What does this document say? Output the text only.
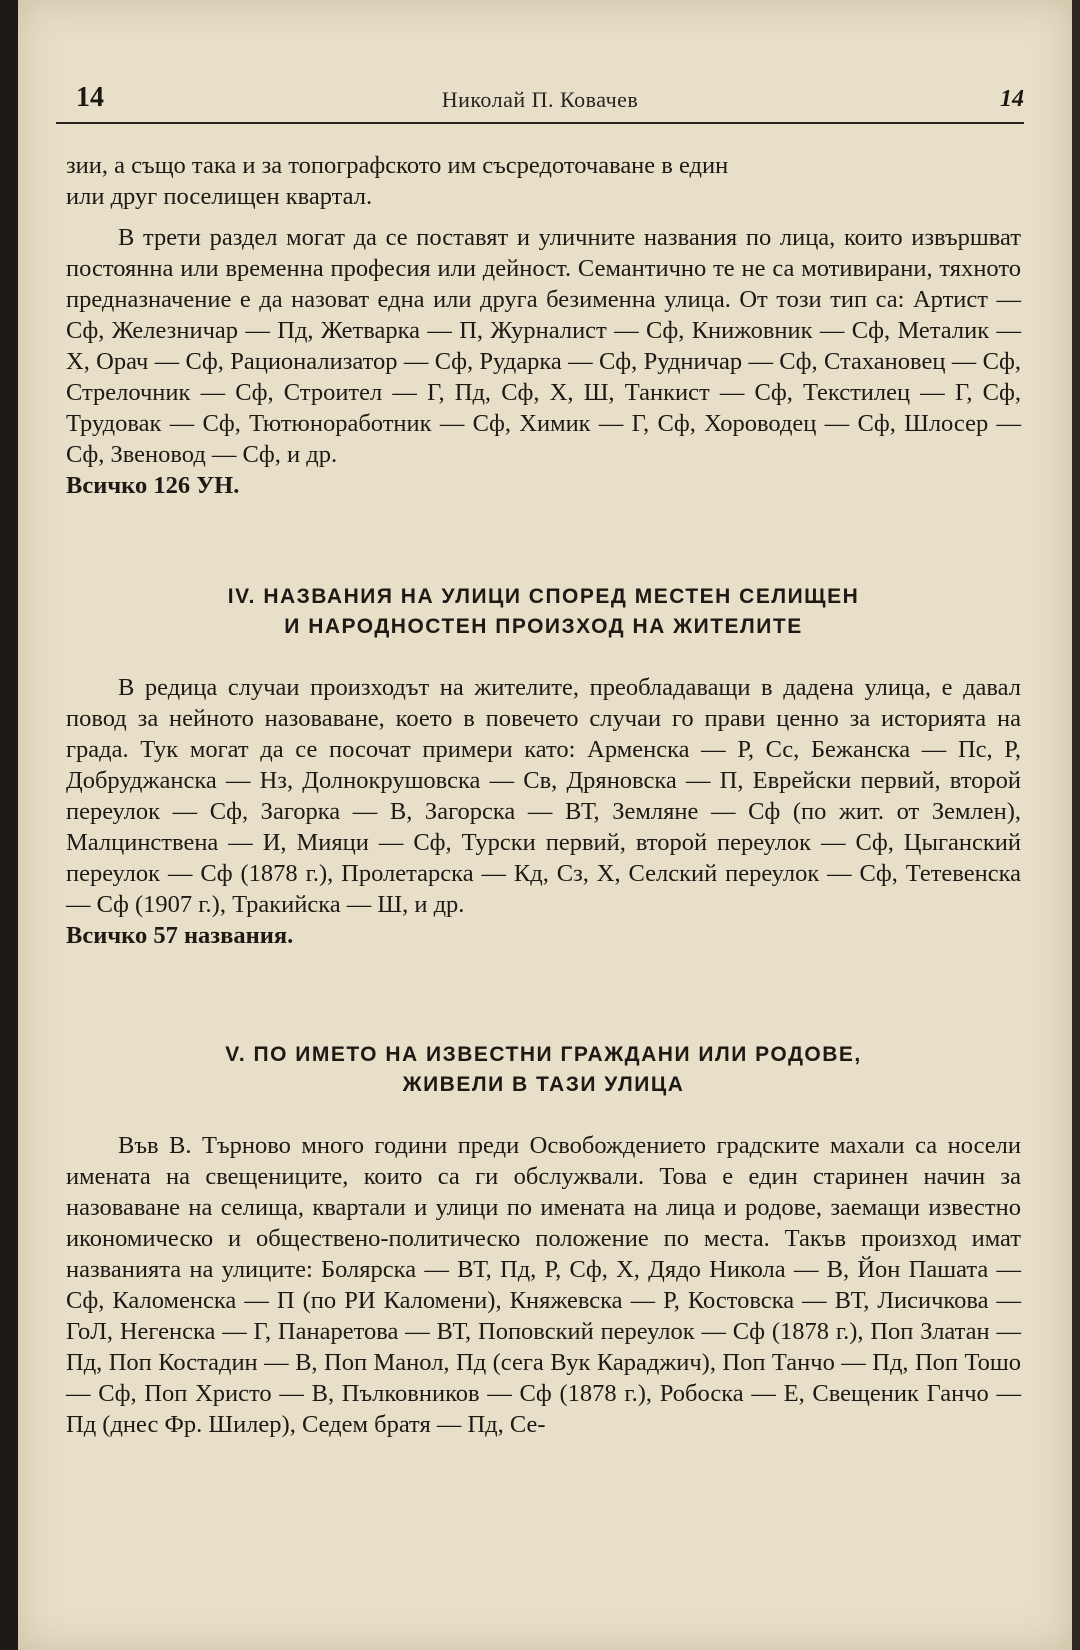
14	Николай П. Ковачев	14

зии, а също така и за топографското им съсредоточаване в един

или друг поселищен квартал.

В трети раздел могат да се поставят и уличните названия по лица, които извършват постоянна или временна професия или дейност. Семантично те не са мотивирани, тяхното предназначение е да назоват една или друга безименна улица. От този тип са: Артист — Сф, Железничар — Пд, Жетварка — П, Журналист — Сф, Книжовник — Сф, Металик — Х, Орач — Сф, Рационализатор — Сф, Рударка — Сф, Рудничар — Сф, Стахановец — Сф, Стрелочник — Сф, Строител — Г, Пд, Сф, Х, Ш, Танкист — Сф, Текстилец — Г, Сф, Трудовак — Сф, Тютюноработник — Сф, Химик — Г, Сф, Хороводец — Сф, Шлосер — Сф, Звеновод — Сф, и др.

Всичко 126 УН.

IV. НАЗВАНИЯ НА УЛИЦИ СПОРЕД МЕСТЕН СЕЛИЩЕН
И НАРОДНОСТЕН ПРОИЗХОД НА ЖИТЕЛИТЕ

В редица случаи произходът на жителите, преобладаващи в дадена улица, е давал повод за нейното назоваване, което в повечето случаи го прави ценно за историята на града. Тук могат да се посочат примери като: Арменска — Р, Сс, Бежанска — Пс, Р, Добруджанска — Нз, Долнокрушовска — Св, Дряновска — П, Еврейски первий, второй переулок — Сф, Загорка — В, Загорска — ВТ, Земляне — Сф (по жит. от Землен), Малцинствена — И, Мияци — Сф, Турски первий, второй переулок — Сф, Цыганский переулок — Сф (1878 г.), Пролетарска — Кд, Сз, Х, Селский переулок — Сф, Тетевенска — Сф (1907 г.), Тракийска — Ш, и др.

Всичко 57 названия.

V. ПО ИМЕТО НА ИЗВЕСТНИ ГРАЖДАНИ ИЛИ РОДОВЕ,
ЖИВЕЛИ В ТАЗИ УЛИЦА

Във В. Търново много години преди Освобождението градските махали са носели имената на свещениците, които са ги обслужвали. Това е един старинен начин за назоваване на селища, квартали и улици по имената на лица и родове, заемащи известно икономическо и обществено-политическо положение по места. Такъв произход имат названията на улиците: Болярска — ВТ, Пд, Р, Сф, Х, Дядо Никола — В, Йон Пашата — Сф, Каломенска — П (по РИ Каломени), Княжевска — Р, Костовска — ВТ, Лисичкова — ГоЛ, Негенска — Г, Панаретова — ВТ, Поповский переулок — Сф (1878 г.), Поп Златан — Пд, Поп Костадин — В, Поп Манол, Пд (сега Вук Караджич), Поп Танчо — Пд, Поп Тошо — Сф, Поп Христо — В, Пълковников — Сф (1878 г.), Робоска — Е, Свещеник Ганчо — Пд (днес Фр. Шилер), Седем братя — Пд, Се-
